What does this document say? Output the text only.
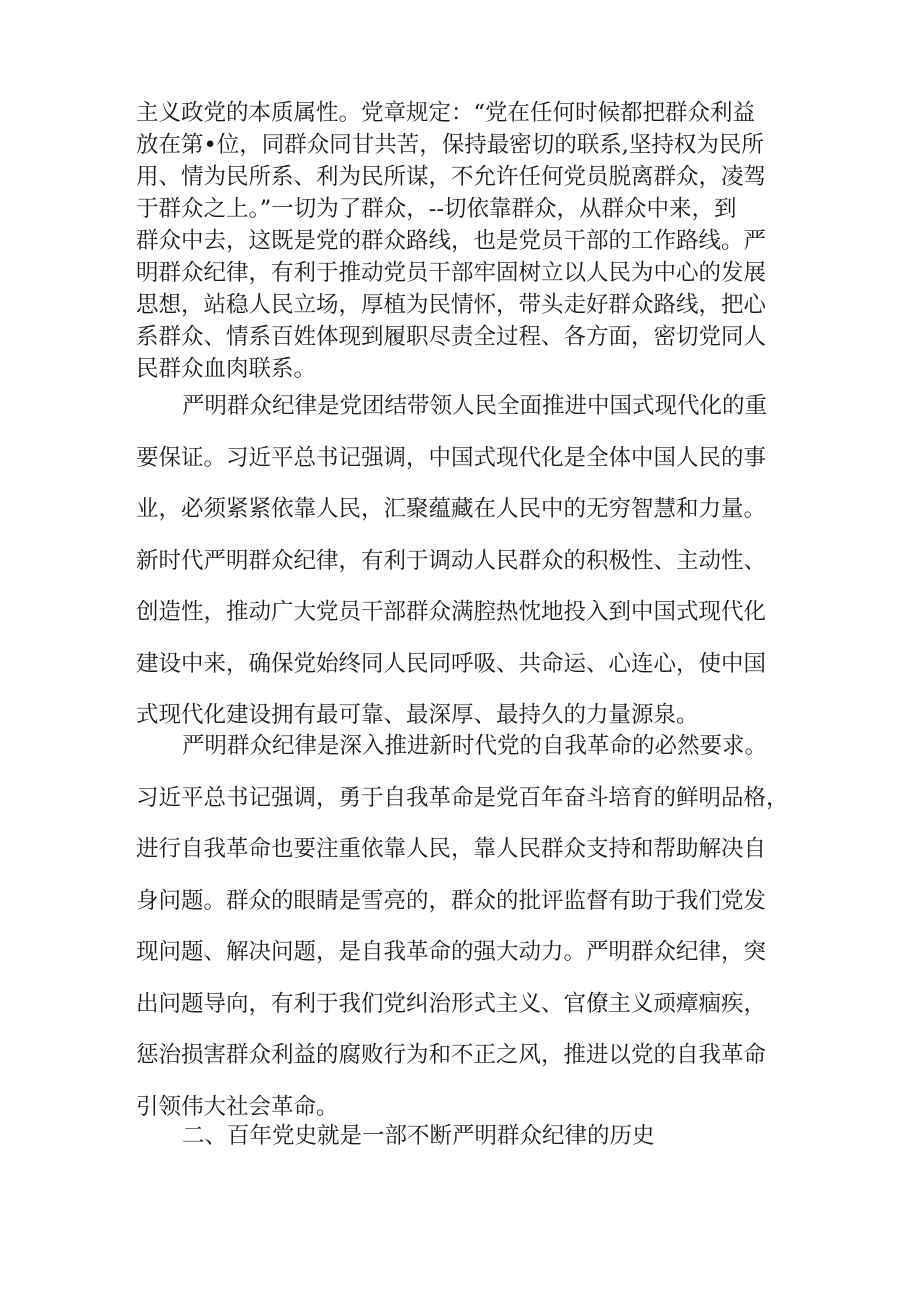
主义政党的本质属性。党章规定：“党在任何时候都把群众利益
放在第•位，同群众同甘共苦，保持最密切的联系,坚持权为民所
用、情为民所系、利为民所谋，不允许任何党员脱离群众，凌驾
于群众之上。”一切为了群众，--切依靠群众，从群众中来，到
群众中去，这既是党的群众路线，也是党员干部的工作路线。严
明群众纪律，有利于推动党员干部牢固树立以人民为中心的发展
思想，站稳人民立场，厚植为民情怀，带头走好群众路线，把心
系群众、情系百姓体现到履职尽责全过程、各方面，密切党同人
民群众血肉联系。
严明群众纪律是党团结带领人民全面推进中国式现代化的重
要保证。习近平总书记强调，中国式现代化是全体中国人民的事
业，必须紧紧依靠人民，汇聚蕴藏在人民中的无穷智慧和力量。
新时代严明群众纪律，有利于调动人民群众的积极性、主动性、
创造性，推动广大党员干部群众满腔热忱地投入到中国式现代化
建设中来，确保党始终同人民同呼吸、共命运、心连心，使中国
式现代化建设拥有最可靠、最深厚、最持久的力量源泉。
严明群众纪律是深入推进新时代党的自我革命的必然要求。
习近平总书记强调，勇于自我革命是党百年奋斗培育的鲜明品格，
进行自我革命也要注重依靠人民，靠人民群众支持和帮助解决自
身问题。群众的眼睛是雪亮的，群众的批评监督有助于我们党发
现问题、解决问题，是自我革命的强大动力。严明群众纪律，突
出问题导向，有利于我们党纠治形式主义、官僚主义顽瘴痼疾，
惩治损害群众利益的腐败行为和不正之风，推进以党的自我革命
引领伟大社会革命。
二、百年党史就是一部不断严明群众纪律的历史
